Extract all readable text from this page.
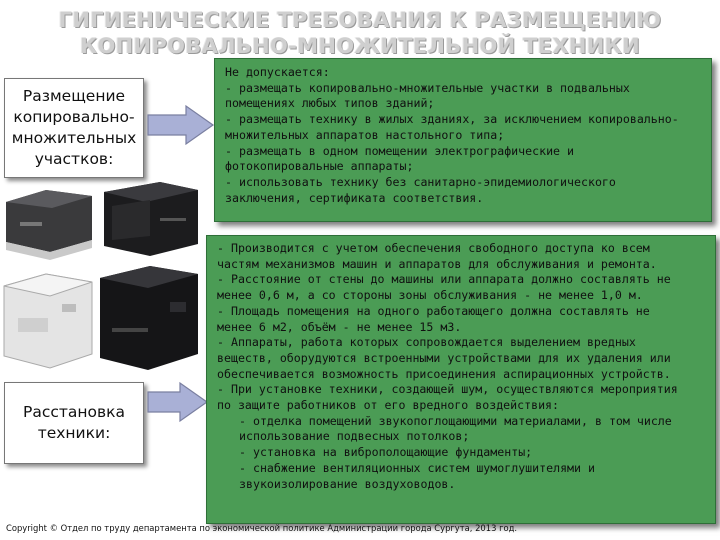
ГИГИЕНИЧЕСКИЕ ТРЕБОВАНИЯ К РАЗМЕЩЕНИЮ
КОПИРОВАЛЬНО-МНОЖИТЕЛЬНОЙ ТЕХНИКИ
Размещение
копировально-
множительных
участков:

Не допускается:

- размещать копировально-множительные участки в подвальных

помещениях любых типов зданий;

- размещать технику в жилых зданиях, за исключением копировально-

множительных аппаратов настольного типа;

- размещать в одном помещении электрографические и

фотокопировальные аппараты;

- использовать технику без санитарно-эпидемиологического

заключения, сертификата соответствия.

Расстановка
техники:

- Производится с учетом обеспечения свободного доступа ко всем

частям механизмов машин и аппаратов для обслуживания и ремонта.

- Расстояние от стены до машины или аппарата должно составлять не

менее 0,6 м, а со стороны зоны обслуживания - не менее 1,0 м.

- Площадь помещения на одного работающего должна составлять не

менее 6 м2, объём - не менее 15 м3.

- Аппараты, работа которых сопровождается выделением вредных

веществ, оборудуются встроенными устройствами для их удаления или

обеспечивается возможность присоединения аспирационных устройств.

- При установке техники, создающей шум, осуществляются мероприятия

по защите работников от его вредного воздействия:

- отделка помещений звукопоглощающими материалами, в том числе

использование подвесных потолков;

- установка на виброполощающие фундаменты;

- снабжение вентиляционных систем шумоглушителями и

звукоизолирование воздуховодов.

Copyright © Отдел по труду департамента по экономической политике Администрации города Сургута, 2013 год.
